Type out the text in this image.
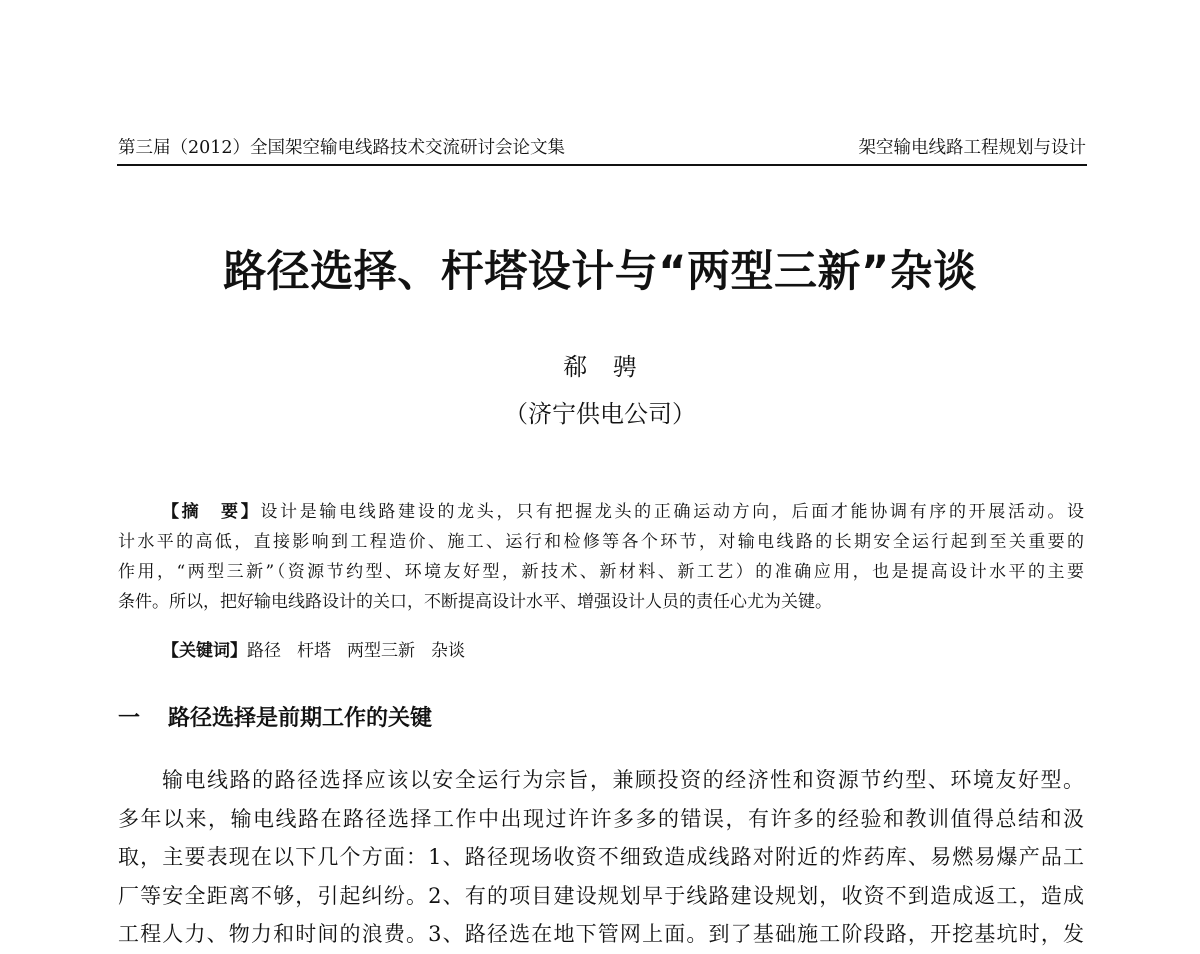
第三届（2012）全国架空输电线路技术交流研讨会论文集	架空输电线路工程规划与设计
路径选择、杆塔设计与“两型三新”杂谈
郗 骋
（济宁供电公司）
【摘　要】设计是输电线路建设的龙头，只有把握龙头的正确运动方向，后面才能协调有序的开展活动。设
计水平的高低，直接影响到工程造价、施工、运行和检修等各个环节，对输电线路的长期安全运行起到至关重要的
作用，“两型三新”（资源节约型、环境友好型，新技术、新材料、新工艺）的准确应用，也是提高设计水平的主要
条件。所以，把好输电线路设计的关口，不断提高设计水平、增强设计人员的责任心尤为关键。
【关键词】路径 杆塔 两型三新 杂谈
一 路径选择是前期工作的关键
输电线路的路径选择应该以安全运行为宗旨，兼顾投资的经济性和资源节约型、环境友好型。
多年以来，输电线路在路径选择工作中出现过许许多多的错误，有许多的经验和教训值得总结和汲
取，主要表现在以下几个方面：1、路径现场收资不细致造成线路对附近的炸药库、易燃易爆产品工
厂等安全距离不够，引起纠纷。2、有的项目建设规划早于线路建设规划，收资不到造成返工，造成
工程人力、物力和时间的浪费。3、路径选在地下管网上面。到了基础施工阶段路，开挖基坑时，发
